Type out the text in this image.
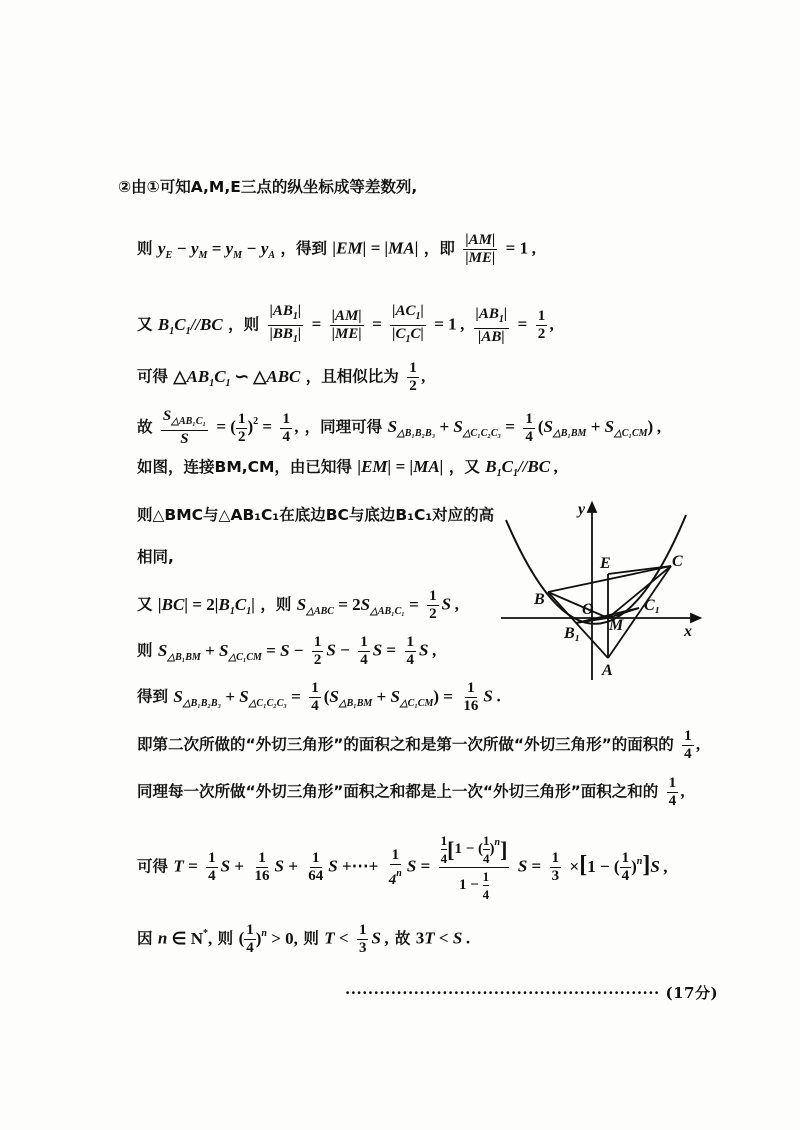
②由①可知A,M,E三点的纵坐标成等差数列,
则 $y_E - y_M = y_M - y_A$ ，得到 |EM| = |MA| ，即 $\frac{|AM|}{|ME|} = 1$ ,
又 $B_1C_1//BC$ ，则 $\frac{|AB_1|}{|BB_1|} = \frac{|AM|}{|ME|} = \frac{|AC_1|}{|C_1C|} = 1$ , $\frac{|AB_1|}{|AB|} = \frac{1}{2}$ ,
可得 $\triangle AB_1C_1$ ∽ △ABC ，且相似比为 $\frac{1}{2}$ ,
故 $\frac{S_{\triangle AB_1C_1}}{S}$ = ( $\frac{1}{2} )^2 = \frac{1}{4}$ , ，同理可得 $S_{\triangle B_1B_2B_3} + S_{\triangle C_1C_2C_3} = \frac{1}{4} (S_{\triangle B_1BM} + S_{\triangle C_1CM})$ ,
如图，连接BM,CM，由已知得 |EM| = |MA| ，又 $B_1C_1//BC$ ,
则△BMC与△AB₁C₁在底边BC与底边B₁C₁对应的高
相同,
又 $|BC| = 2|B_1C_1|$ ，则 $S_{\triangle ABC} = 2S_{\triangle AB_1C_1} = \frac{1}{2}$ S ,
则 $S_{\triangle B_1BM} + S_{\triangle C_1CM} = S - \frac{1}{2}$ $S - \frac{1}{4}$ $S = \frac{1}{4}$ S ,
得到 $S_{\triangle B_1B_2B_3} + S_{\triangle C_1C_2C_3} = \frac{1}{4} (S_{\triangle B_1BM} + S_{\triangle C_1CM}) = \frac{1}{16}$ S .
即第二次所做的“外切三角形”的面积之和是第一次所做“外切三角形”的面积的 $\frac{1}{4}$ ,
同理每一次所做“外切三角形”面积之和都是上一次“外切三角形”面积之和的 $\frac{1}{4}$ ,
可得 $T = \frac{1}{4}$ $S + \frac{1}{16}$ $S + \frac{1}{64}$ S +⋯+ $\frac{1}{4^n}$ $S = \frac{\frac{1}{4} [1 - ( \frac{1}{4} )^n]}{1 - \frac{1}{4}}$ $S = \frac{1}{3} \times[1$ − ( $\frac{1}{4} )^n]S$ ,
因 n ∈ N*, 则 ( $\frac{1}{4} )^n > 0$, 则 $T < \frac{1}{3}$ S , 故 3T < S .
······················································· (17分)
y
x
E	C
B
O	C₁
B₁ M
A
